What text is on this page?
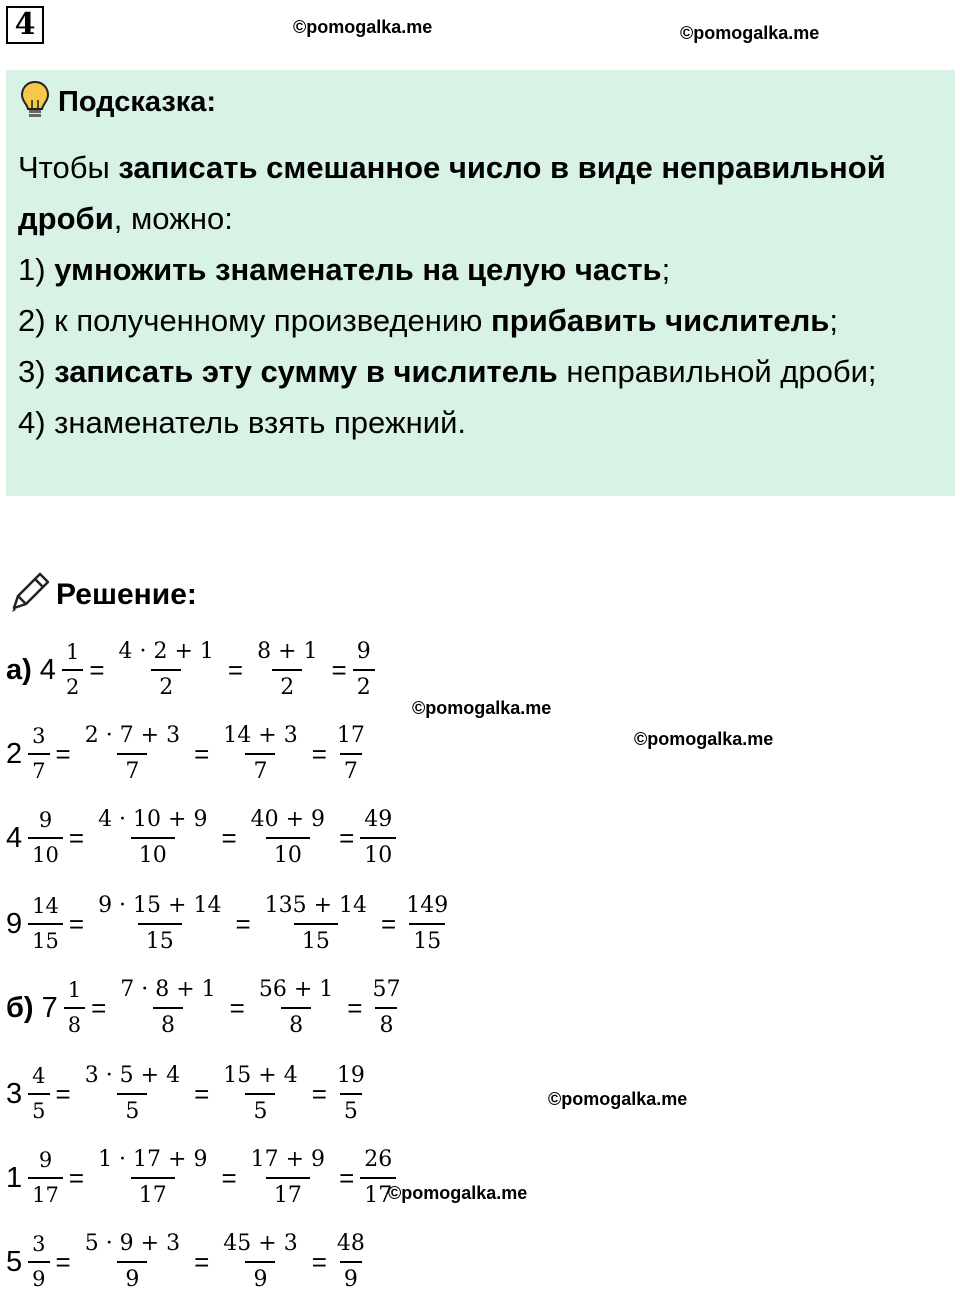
4	©pomogalka.me	©pomogalka.me
©pomogalka.me
©pomogalka.me
©pomogalka.me
©pomogalka.me
Подсказка:
Чтобы записать смешанное число в виде неправильной
дроби, можно:
1) умножить знаменатель на целую часть;
2) к полученному произведению прибавить числитель;
3) записать эту сумму в числитель неправильной дроби;
4) знаменатель взять прежний.
Решение:
а) $4 \frac{1}{2} = \frac{4 \cdot 2 + 1}{2} = \frac{8 + 1}{2} = \frac{9}{2}$
$2 \frac{3}{7} = \frac{2 \cdot 7 + 3}{7} = \frac{14 + 3}{7} = \frac{17}{7}$
$4 \frac{9}{10} = \frac{4 \cdot 10 + 9}{10} = \frac{40 + 9}{10} = \frac{49}{10}$
$9 \frac{14}{15} = \frac{9 \cdot 15 + 14}{15} = \frac{135 + 14}{15} = \frac{149}{15}$
б) $7 \frac{1}{8} = \frac{7 \cdot 8 + 1}{8} = \frac{56 + 1}{8} = \frac{57}{8}$
$3 \frac{4}{5} = \frac{3 \cdot 5 + 4}{5} = \frac{15 + 4}{5} = \frac{19}{5}$
$1 \frac{9}{17} = \frac{1 \cdot 17 + 9}{17} = \frac{17 + 9}{17} = \frac{26}{17}$
$5 \frac{3}{9} = \frac{5 \cdot 9 + 3}{9} = \frac{45 + 3}{9} = \frac{48}{9}$
